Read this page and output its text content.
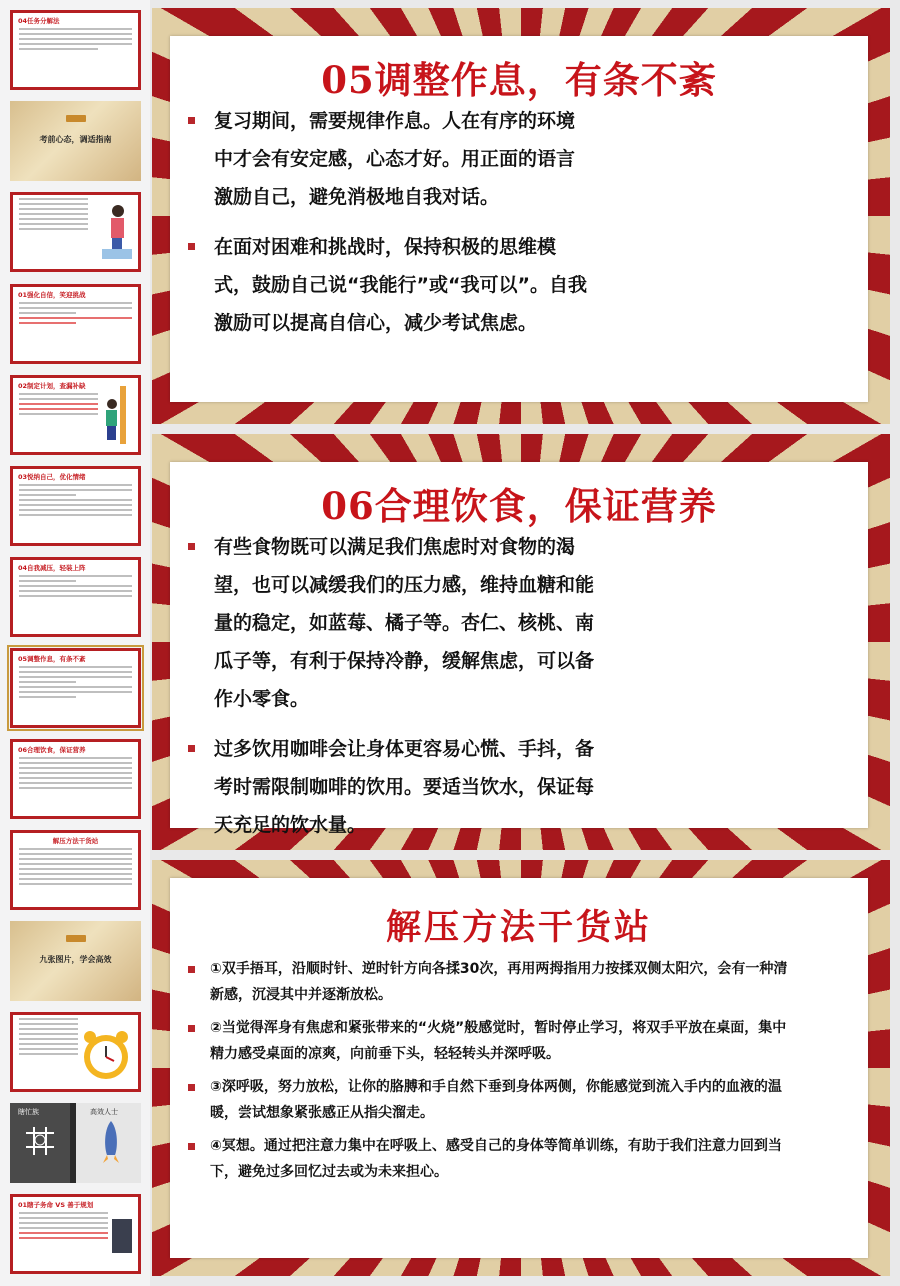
04任务分解法
考前心态，调适指南
01强化自信，笑迎挑战
02制定计划，查漏补缺
03悦纳自己，优化情绪
04自我减压，轻装上阵
05调整作息，有条不紊
06合理饮食，保证营养
解压方法干货站
九张图片，学会高效
瞎忙族	高效人士
01瞎子务命 VS 善于规划
05调整作息，有条不紊
复习期间，需要规律作息。人在有序的环境中才会有安定感，心态才好。用正面的语言激励自己，避免消极地自我对话。
在面对困难和挑战时，保持积极的思维模式，鼓励自己说“我能行”或“我可以”。自我激励可以提高自信心，减少考试焦虑。
06合理饮食，保证营养
有些食物既可以满足我们焦虑时对食物的渴望，也可以减缓我们的压力感，维持血糖和能量的稳定，如蓝莓、橘子等。杏仁、核桃、南瓜子等，有利于保持冷静，缓解焦虑，可以备作小零食。
过多饮用咖啡会让身体更容易心慌、手抖，备考时需限制咖啡的饮用。要适当饮水，保证每天充足的饮水量。
解压方法干货站
①双手捂耳，沿顺时针、逆时针方向各揉30次，再用两拇指用力按揉双侧太阳穴，会有一种清新感，沉浸其中并逐渐放松。
②当觉得浑身有焦虑和紧张带来的“火烧”般感觉时，暂时停止学习，将双手平放在桌面，集中精力感受桌面的凉爽，向前垂下头，轻轻转头并深呼吸。
③深呼吸，努力放松，让你的胳膊和手自然下垂到身体两侧，你能感觉到流入手内的血液的温暖，尝试想象紧张感正从指尖溜走。
④冥想。通过把注意力集中在呼吸上、感受自己的身体等简单训练，有助于我们注意力回到当下，避免过多回忆过去或为未来担心。
